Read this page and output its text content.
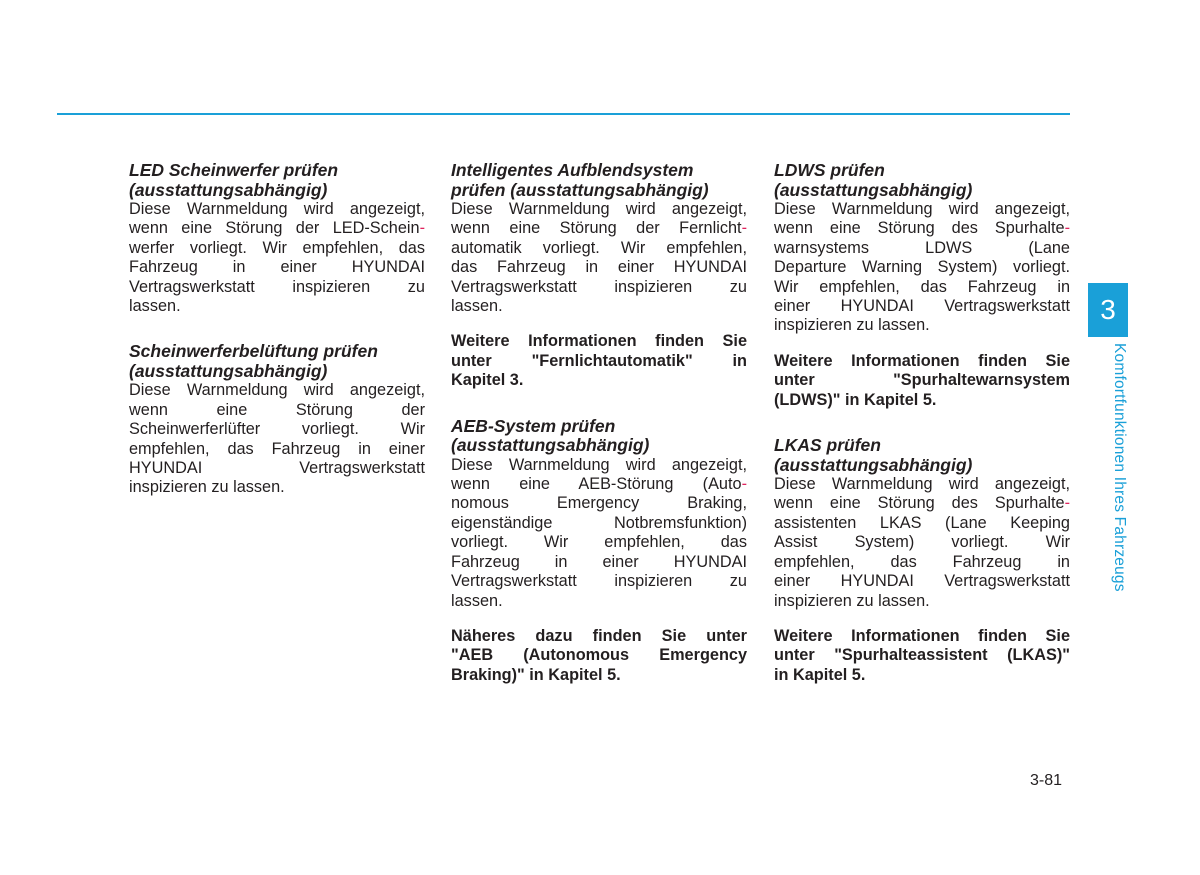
LED Scheinwerfer prüfen
(ausstattungsabhängig)

Diese Warnmeldung wird angezeigt,
wenn eine Störung der LED-Schein-
werfer vorliegt. Wir empfehlen, das
Fahrzeug in einer HYUNDAI
Vertragswerkstatt inspizieren zu
lassen.

Scheinwerferbelüftung prüfen
(ausstattungsabhängig)

Diese Warnmeldung wird angezeigt,
wenn eine Störung der
Scheinwerferlüfter vorliegt. Wir
empfehlen, das Fahrzeug in einer
HYUNDAI Vertragswerkstatt
inspizieren zu lassen.

Intelligentes Aufblendsystem
prüfen (ausstattungsabhängig)

Diese Warnmeldung wird angezeigt,
wenn eine Störung der Fernlicht-
automatik vorliegt. Wir empfehlen,
das Fahrzeug in einer HYUNDAI
Vertragswerkstatt inspizieren zu
lassen.
Weitere Informationen finden Sie
unter "Fernlichtautomatik" in
Kapitel 3.

AEB-System prüfen
(ausstattungsabhängig)

Diese Warnmeldung wird angezeigt,
wenn eine AEB-Störung (Auto-
nomous Emergency Braking,
eigenständige Notbremsfunktion)
vorliegt. Wir empfehlen, das
Fahrzeug in einer HYUNDAI
Vertragswerkstatt inspizieren zu
lassen.
Näheres dazu finden Sie unter
"AEB (Autonomous Emergency
Braking)" in Kapitel 5.

LDWS prüfen
(ausstattungsabhängig)

Diese Warnmeldung wird angezeigt,
wenn eine Störung des Spurhalte-
warnsystems LDWS (Lane
Departure Warning System) vorliegt.
Wir empfehlen, das Fahrzeug in
einer HYUNDAI Vertragswerkstatt
inspizieren zu lassen.
Weitere Informationen finden Sie
unter "Spurhaltewarnsystem
(LDWS)" in Kapitel 5.

LKAS prüfen
(ausstattungsabhängig)

Diese Warnmeldung wird angezeigt,
wenn eine Störung des Spurhalte-
assistenten LKAS (Lane Keeping
Assist System) vorliegt. Wir
empfehlen, das Fahrzeug in
einer HYUNDAI Vertragswerkstatt
inspizieren zu lassen.
Weitere Informationen finden Sie
unter "Spurhalteassistent (LKAS)"
in Kapitel 5.
3
Komfortfunktionen Ihres Fahrzeugs
3-81
